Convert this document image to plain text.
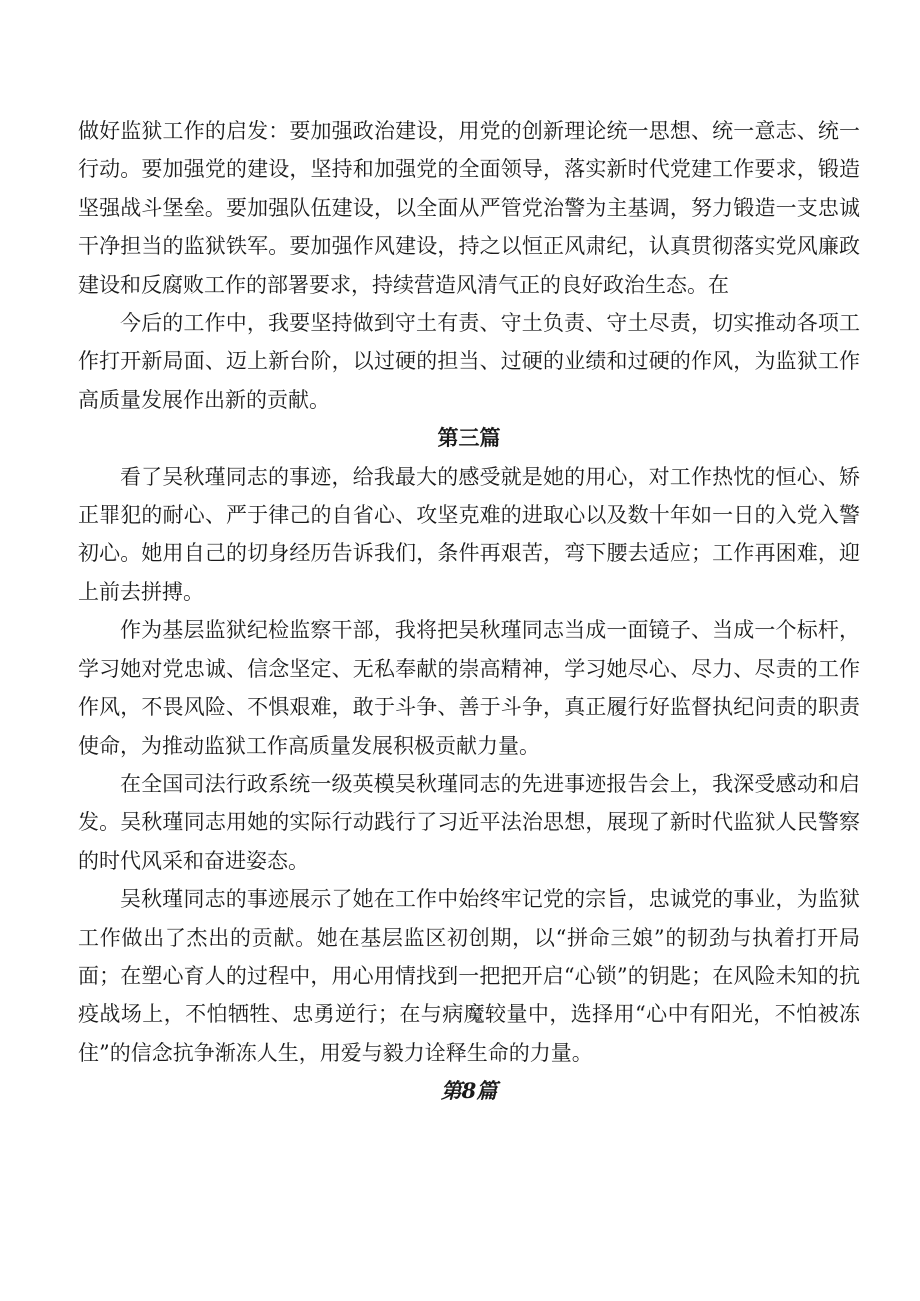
做好监狱工作的启发：要加强政治建设，用党的创新理论统一思想、统一意志、统一行动。要加强党的建设，坚持和加强党的全面领导，落实新时代党建工作要求，锻造坚强战斗堡垒。要加强队伍建设，以全面从严管党治警为主基调，努力锻造一支忠诚干净担当的监狱铁军。要加强作风建设，持之以恒正风肃纪，认真贯彻落实党风廉政建设和反腐败工作的部署要求，持续营造风清气正的良好政治生态。在

今后的工作中，我要坚持做到守土有责、守土负责、守土尽责，切实推动各项工作打开新局面、迈上新台阶，以过硬的担当、过硬的业绩和过硬的作风，为监狱工作高质量发展作出新的贡献。

第三篇

看了吴秋瑾同志的事迹，给我最大的感受就是她的用心，对工作热忱的恒心、矫正罪犯的耐心、严于律己的自省心、攻坚克难的进取心以及数十年如一日的入党入警初心。她用自己的切身经历告诉我们，条件再艰苦，弯下腰去适应；工作再困难，迎上前去拼搏。

作为基层监狱纪检监察干部，我将把吴秋瑾同志当成一面镜子、当成一个标杆，学习她对党忠诚、信念坚定、无私奉献的崇高精神，学习她尽心、尽力、尽责的工作作风，不畏风险、不惧艰难，敢于斗争、善于斗争，真正履行好监督执纪问责的职责使命，为推动监狱工作高质量发展积极贡献力量。

在全国司法行政系统一级英模吴秋瑾同志的先进事迹报告会上，我深受感动和启发。吴秋瑾同志用她的实际行动践行了习近平法治思想，展现了新时代监狱人民警察的时代风采和奋进姿态。

吴秋瑾同志的事迹展示了她在工作中始终牢记党的宗旨，忠诚党的事业，为监狱工作做出了杰出的贡献。她在基层监区初创期，以“拼命三娘”的韧劲与执着打开局面；在塑心育人的过程中，用心用情找到一把把开启“心锁”的钥匙；在风险未知的抗疫战场上，不怕牺牲、忠勇逆行；在与病魔较量中，选择用“心中有阳光，不怕被冻住”的信念抗争渐冻人生，用爱与毅力诠释生命的力量。

第8篇
